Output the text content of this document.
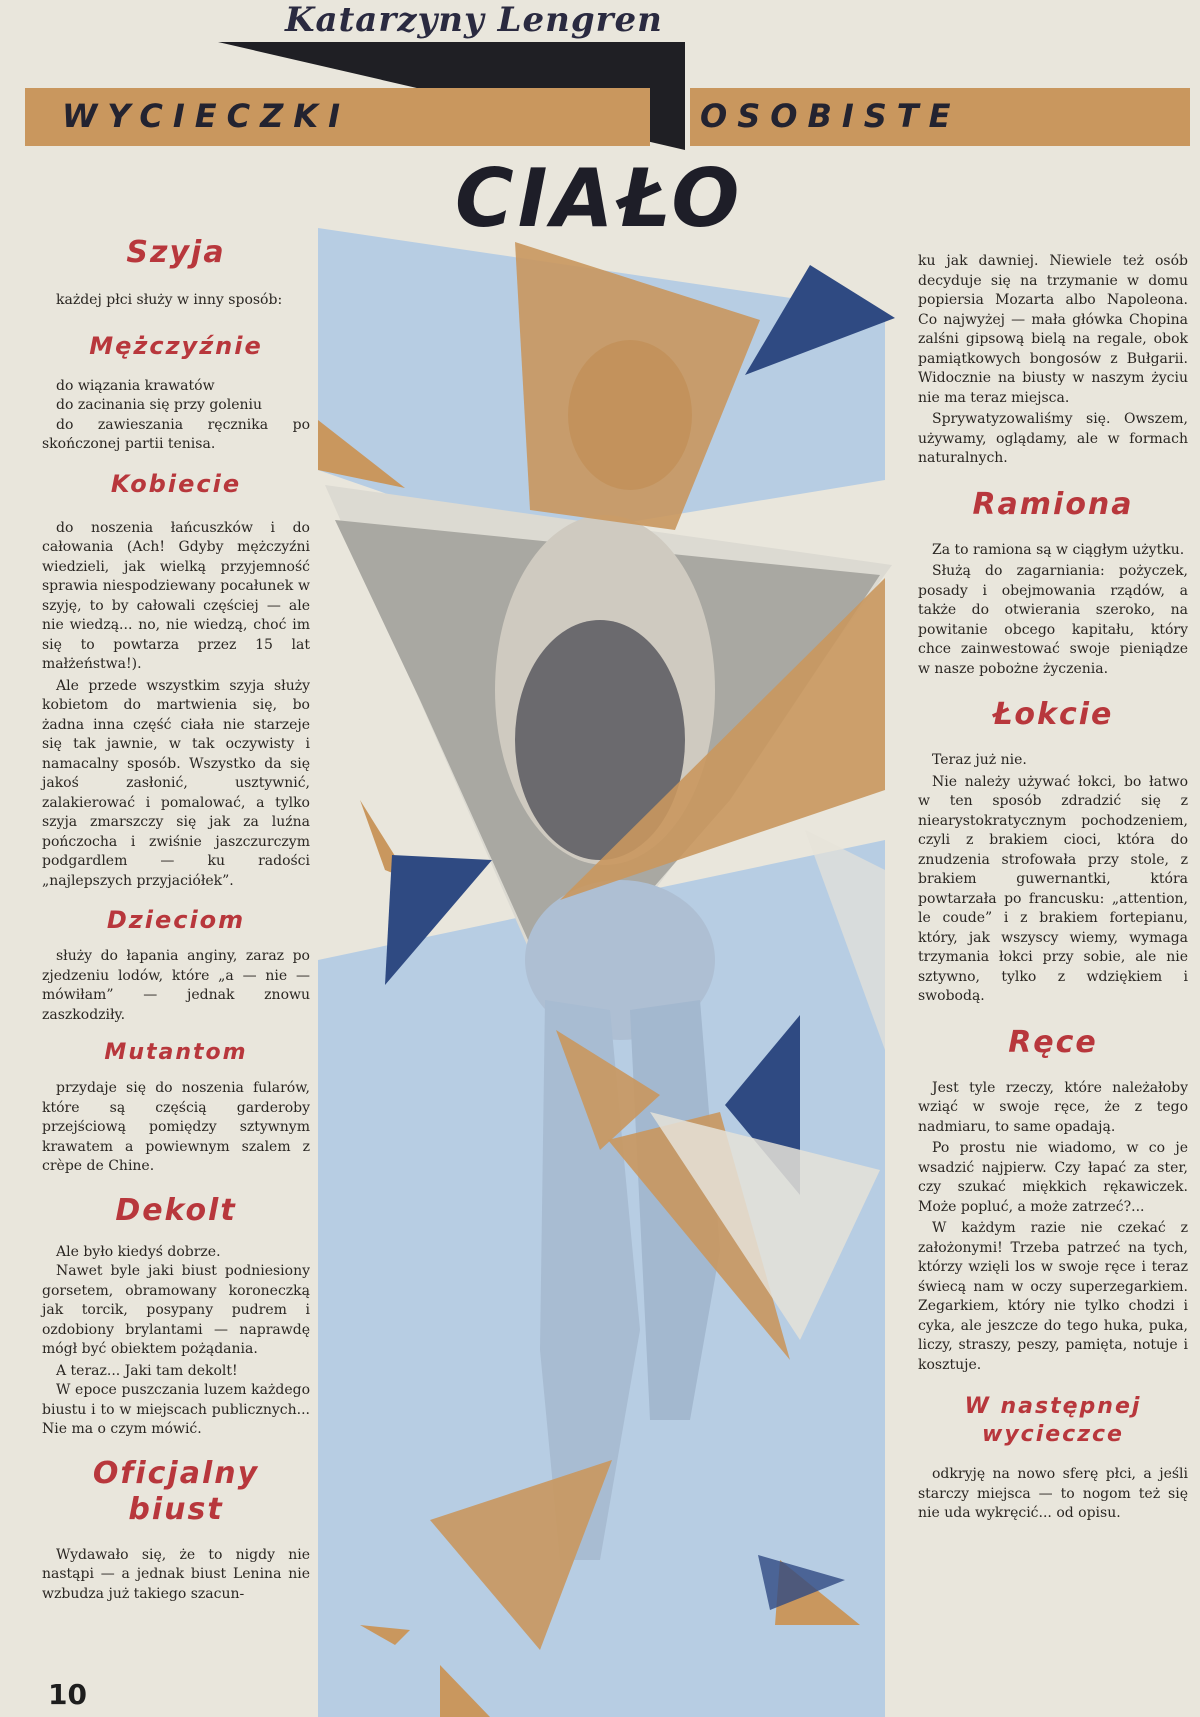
Katarzyny Lengren
WYCIECZKI	OSOBISTE
CIAŁO
Szyja

każdej płci służy w inny sposób:

Mężczyźnie

do wiązania krawatów

do zacinania się przy goleniu

do zawieszania ręcznika po skończonej partii tenisa.

Kobiecie

do noszenia łańcuszków i do całowania (Ach! Gdyby mężczyźni wiedzieli, jak wielką przyjemność sprawia niespodziewany pocałunek w szyję, to by całowali częściej — ale nie wiedzą... no, nie wiedzą, choć im się to powtarza przez 15 lat małżeństwa!).

Ale przede wszystkim szyja służy kobietom do martwienia się, bo żadna inna część ciała nie starzeje się tak jawnie, w tak oczywisty i namacalny sposób. Wszystko da się jakoś zasłonić, usztywnić, zalakierować i pomalować, a tylko szyja zmarszczy się jak za luźna pończocha i zwiśnie jaszczurczym podgardlem — ku radości „najlepszych przyjaciółek”.

Dzieciom

służy do łapania anginy, zaraz po zjedzeniu lodów, które „a — nie — mówiłam” — jednak znowu zaszkodziły.

Mutantom

przydaje się do noszenia fularów, które są częścią garderoby przejściową pomiędzy sztywnym krawatem a powiewnym szalem z crèpe de Chine.

Dekolt

Ale było kiedyś dobrze.

Nawet byle jaki biust podniesiony gorsetem, obramowany koroneczką jak torcik, posypany pudrem i ozdobiony brylantami — naprawdę mógł być obiektem pożądania.

A teraz... Jaki tam dekolt!

W epoce puszczania luzem każdego biustu i to w miejscach publicznych... Nie ma o czym mówić.

Oficjalny
biust

Wydawało się, że to nigdy nie nastąpi — a jednak biust Lenina nie wzbudza już takiego szacun-

ku jak dawniej. Niewiele też osób decyduje się na trzymanie w domu popiersia Mozarta albo Napoleona. Co najwyżej — mała główka Chopina zalśni gipsową bielą na regale, obok pamiątkowych bongosów z Bułgarii. Widocznie na biusty w naszym życiu nie ma teraz miejsca.

Sprywatyzowaliśmy się. Owszem, używamy, oglądamy, ale w formach naturalnych.

Ramiona

Za to ramiona są w ciągłym użytku.

Służą do zagarniania: pożyczek, posady i obejmowania rządów, a także do otwierania szeroko, na powitanie obcego kapitału, który chce zainwestować swoje pieniądze w nasze pobożne życzenia.

Łokcie

Teraz już nie.

Nie należy używać łokci, bo łatwo w ten sposób zdradzić się z niearystokratycznym pochodzeniem, czyli z brakiem cioci, która do znudzenia strofowała przy stole, z brakiem guwernantki, która powtarzała po francusku: „attention, le coude” i z brakiem fortepianu, który, jak wszyscy wiemy, wymaga trzymania łokci przy sobie, ale nie sztywno, tylko z wdziękiem i swobodą.

Ręce

Jest tyle rzeczy, które należałoby wziąć w swoje ręce, że z tego nadmiaru, to same opadają.

Po prostu nie wiadomo, w co je wsadzić najpierw. Czy łapać za ster, czy szukać miękkich rękawiczek. Może popluć, a może zatrzeć?...

W każdym razie nie czekać z założonymi! Trzeba patrzeć na tych, którzy wzięli los w swoje ręce i teraz świecą nam w oczy superzegarkiem. Zegarkiem, który nie tylko chodzi i cyka, ale jeszcze do tego huka, puka, liczy, straszy, peszy, pamięta, notuje i kosztuje.

W następnej
wycieczce

odkryję na nowo sferę płci, a jeśli starczy miejsca — to nogom też się nie uda wykręcić... od opisu.

10
